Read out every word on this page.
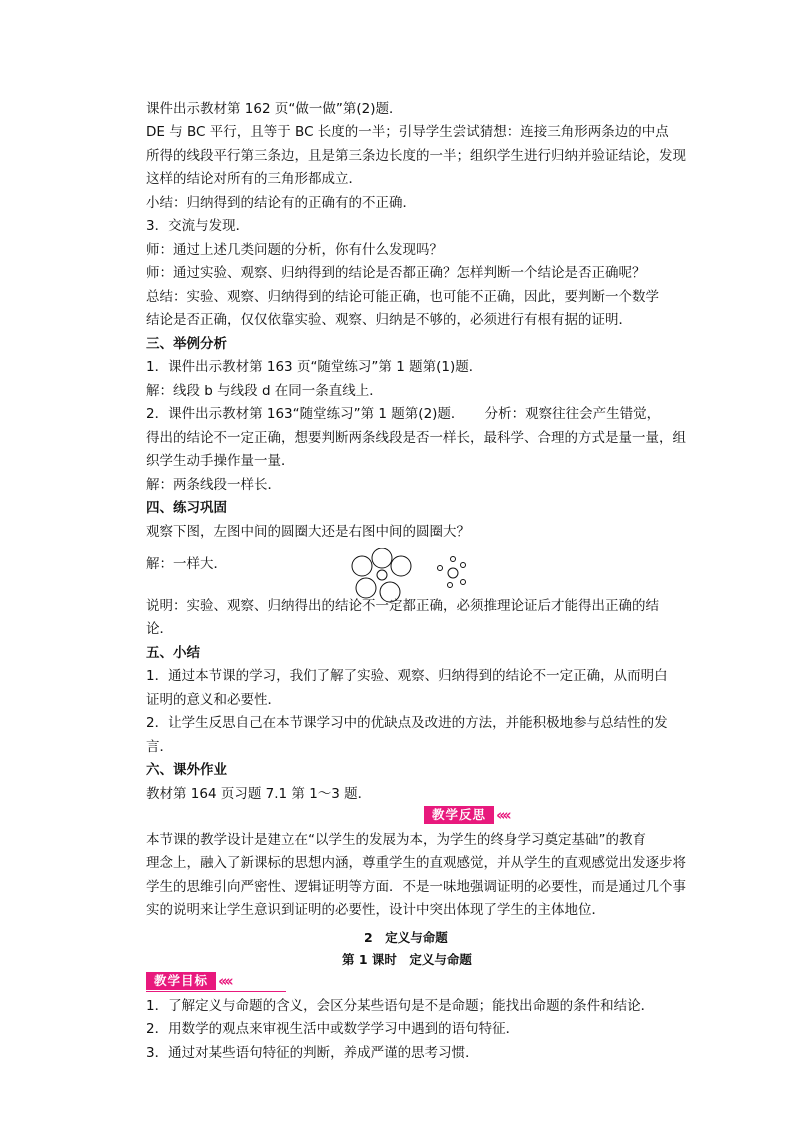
课件出示教材第 162 页“做一做”第(2)题．
DE 与 BC 平行，且等于 BC 长度的一半；引导学生尝试猜想：连接三角形两条边的中点
所得的线段平行第三条边，且是第三条边长度的一半；组织学生进行归纳并验证结论，发现
这样的结论对所有的三角形都成立．
小结：归纳得到的结论有的正确有的不正确．
3．交流与发现．
师：通过上述几类问题的分析，你有什么发现吗？
师：通过实验、观察、归纳得到的结论是否都正确？怎样判断一个结论是否正确呢？
总结：实验、观察、归纳得到的结论可能正确，也可能不正确，因此，要判断一个数学
结论是否正确，仅仅依靠实验、观察、归纳是不够的，必须进行有根有据的证明．
三、举例分析
1．课件出示教材第 163 页“随堂练习”第 1 题第(1)题．
解：线段 b 与线段 d 在同一条直线上．
2．课件出示教材第 163“随堂练习”第 1 题第(2)题．　　分析：观察往往会产生错觉，
得出的结论不一定正确，想要判断两条线段是否一样长，最科学、合理的方式是量一量，组
织学生动手操作量一量．
解：两条线段一样长．
四、练习巩固
观察下图，左图中间的圆圈大还是右图中间的圆圈大？
解：一样大．
说明：实验、观察、归纳得出的结论不一定都正确，必须推理论证后才能得出正确的结
论．
五、小结
1．通过本节课的学习，我们了解了实验、观察、归纳得到的结论不一定正确，从而明白
证明的意义和必要性．
2．让学生反思自己在本节课学习中的优缺点及改进的方法，并能积极地参与总结性的发
言．
六、课外作业
教材第 164 页习题 7.1 第 1～3 题．
教学反思 ‹‹‹‹
本节课的教学设计是建立在“以学生的发展为本，为学生的终身学习奠定基础”的教育
理念上，融入了新课标的思想内涵，尊重学生的直观感觉，并从学生的直观感觉出发逐步将
学生的思维引向严密性、逻辑证明等方面．不是一味地强调证明的必要性，而是通过几个事
实的说明来让学生意识到证明的必要性，设计中突出体现了学生的主体地位．
2　定义与命题
第 1 课时　定义与命题
教学目标 ‹‹‹‹
1．了解定义与命题的含义，会区分某些语句是不是命题；能找出命题的条件和结论．
2．用数学的观点来审视生活中或数学学习中遇到的语句特征．
3．通过对某些语句特征的判断，养成严谨的思考习惯．
